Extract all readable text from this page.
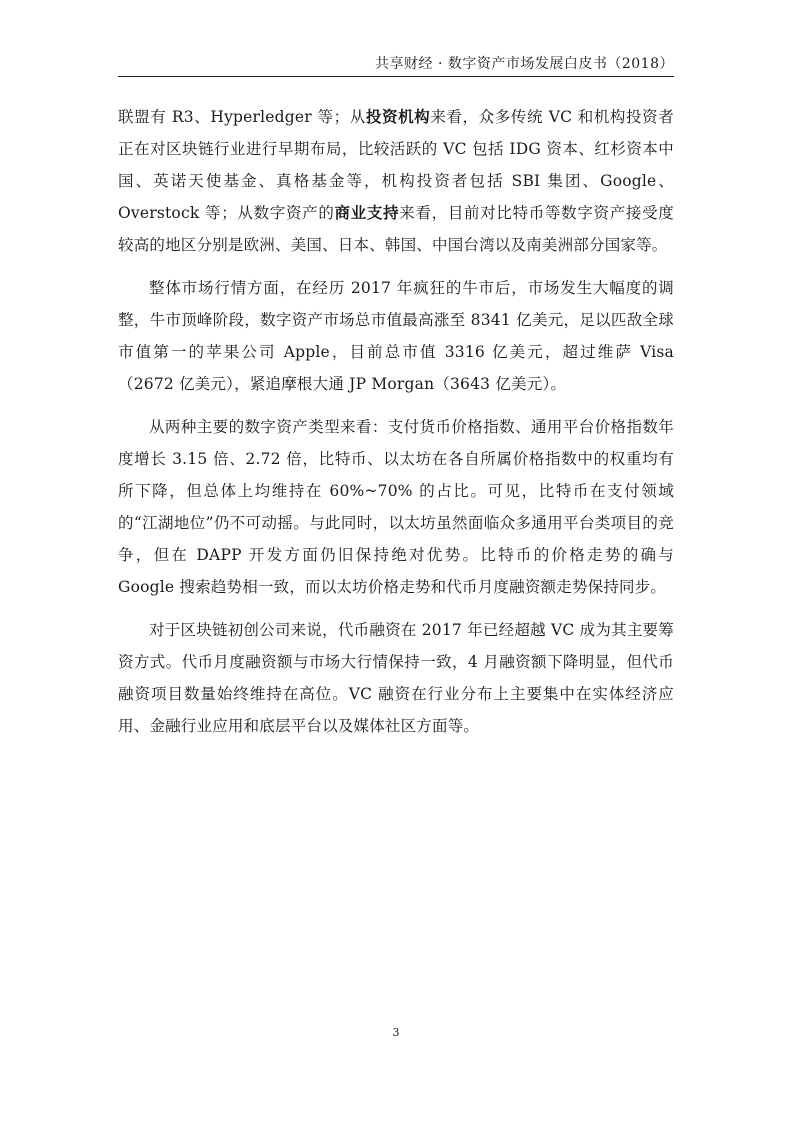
共享财经 · 数字资产市场发展白皮书（2018）

联盟有 R3、Hyperledger 等；从投资机构来看，众多传统 VC 和机构投资者正在对区块链行业进行早期布局，比较活跃的 VC 包括 IDG 资本、红杉资本中国、英诺天使基金、真格基金等，机构投资者包括 SBI 集团、Google、Overstock 等；从数字资产的商业支持来看，目前对比特币等数字资产接受度较高的地区分别是欧洲、美国、日本、韩国、中国台湾以及南美洲部分国家等。

整体市场行情方面，在经历 2017 年疯狂的牛市后，市场发生大幅度的调整，牛市顶峰阶段，数字资产市场总市值最高涨至 8341 亿美元，足以匹敌全球市值第一的苹果公司 Apple，目前总市值 3316 亿美元，超过维萨 Visa（2672 亿美元），紧追摩根大通 JP Morgan（3643 亿美元）。

从两种主要的数字资产类型来看：支付货币价格指数、通用平台价格指数年度增长 3.15 倍、2.72 倍，比特币、以太坊在各自所属价格指数中的权重均有所下降，但总体上均维持在 60%~70% 的占比。可见，比特币在支付领域的“江湖地位”仍不可动摇。与此同时，以太坊虽然面临众多通用平台类项目的竞争，但在 DAPP 开发方面仍旧保持绝对优势。比特币的价格走势的确与 Google 搜索趋势相一致，而以太坊价格走势和代币月度融资额走势保持同步。

对于区块链初创公司来说，代币融资在 2017 年已经超越 VC 成为其主要筹资方式。代币月度融资额与市场大行情保持一致，4 月融资额下降明显，但代币融资项目数量始终维持在高位。VC 融资在行业分布上主要集中在实体经济应用、金融行业应用和底层平台以及媒体社区方面等。

3
